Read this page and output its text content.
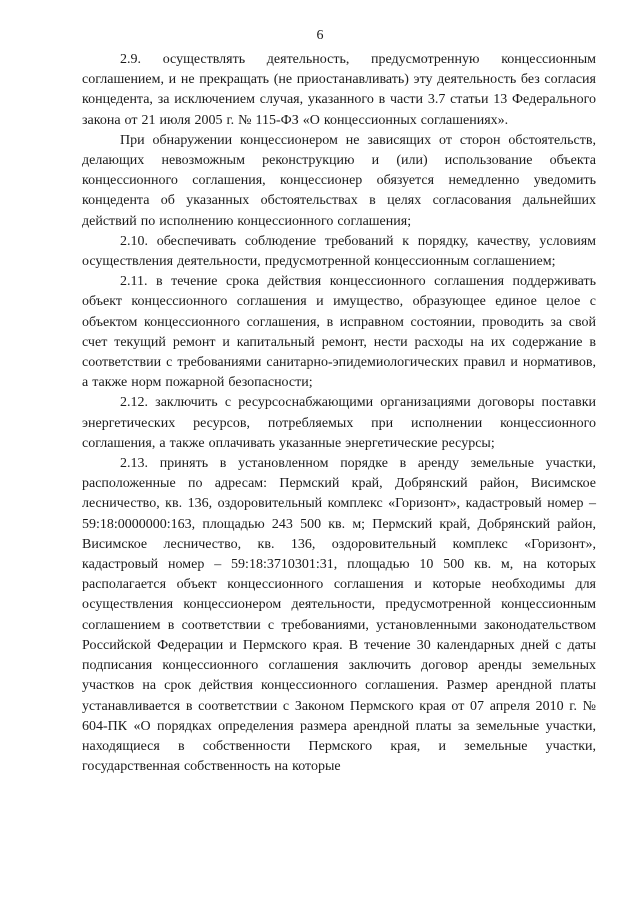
6

2.9. осуществлять деятельность, предусмотренную концессионным соглашением, и не прекращать (не приостанавливать) эту деятельность без согласия концедента, за исключением случая, указанного в части 3.7 статьи 13 Федерального закона от 21 июля 2005 г. № 115-ФЗ «О концессионных соглашениях».

При обнаружении концессионером не зависящих от сторон обстоятельств, делающих невозможным реконструкцию и (или) использование объекта концессионного соглашения, концессионер обязуется немедленно уведомить концедента об указанных обстоятельствах в целях согласования дальнейших действий по исполнению концессионного соглашения;

2.10. обеспечивать соблюдение требований к порядку, качеству, условиям осуществления деятельности, предусмотренной концессионным соглашением;

2.11. в течение срока действия концессионного соглашения поддерживать объект концессионного соглашения и имущество, образующее единое целое с объектом концессионного соглашения, в исправном состоянии, проводить за свой счет текущий ремонт и капитальный ремонт, нести расходы на их содержание в соответствии с требованиями санитарно-эпидемиологических правил и нормативов, а также норм пожарной безопасности;

2.12. заключить с ресурсоснабжающими организациями договоры поставки энергетических ресурсов, потребляемых при исполнении концессионного соглашения, а также оплачивать указанные энергетические ресурсы;

2.13. принять в установленном порядке в аренду земельные участки, расположенные по адресам: Пермский край, Добрянский район, Висимское лесничество, кв. 136, оздоровительный комплекс «Горизонт», кадастровый номер – 59:18:0000000:163, площадью 243 500 кв. м; Пермский край, Добрянский район, Висимское лесничество, кв. 136, оздоровительный комплекс «Горизонт», кадастровый номер – 59:18:3710301:31, площадью 10 500 кв. м, на которых располагается объект концессионного соглашения и которые необходимы для осуществления концессионером деятельности, предусмотренной концессионным соглашением в соответствии с требованиями, установленными законодательством Российской Федерации и Пермского края. В течение 30 календарных дней с даты подписания концессионного соглашения заключить договор аренды земельных участков на срок действия концессионного соглашения. Размер арендной платы устанавливается в соответствии с Законом Пермского края от 07 апреля 2010 г. № 604-ПК «О порядках определения размера арендной платы за земельные участки, находящиеся в собственности Пермского края, и земельные участки, государственная собственность на которые
